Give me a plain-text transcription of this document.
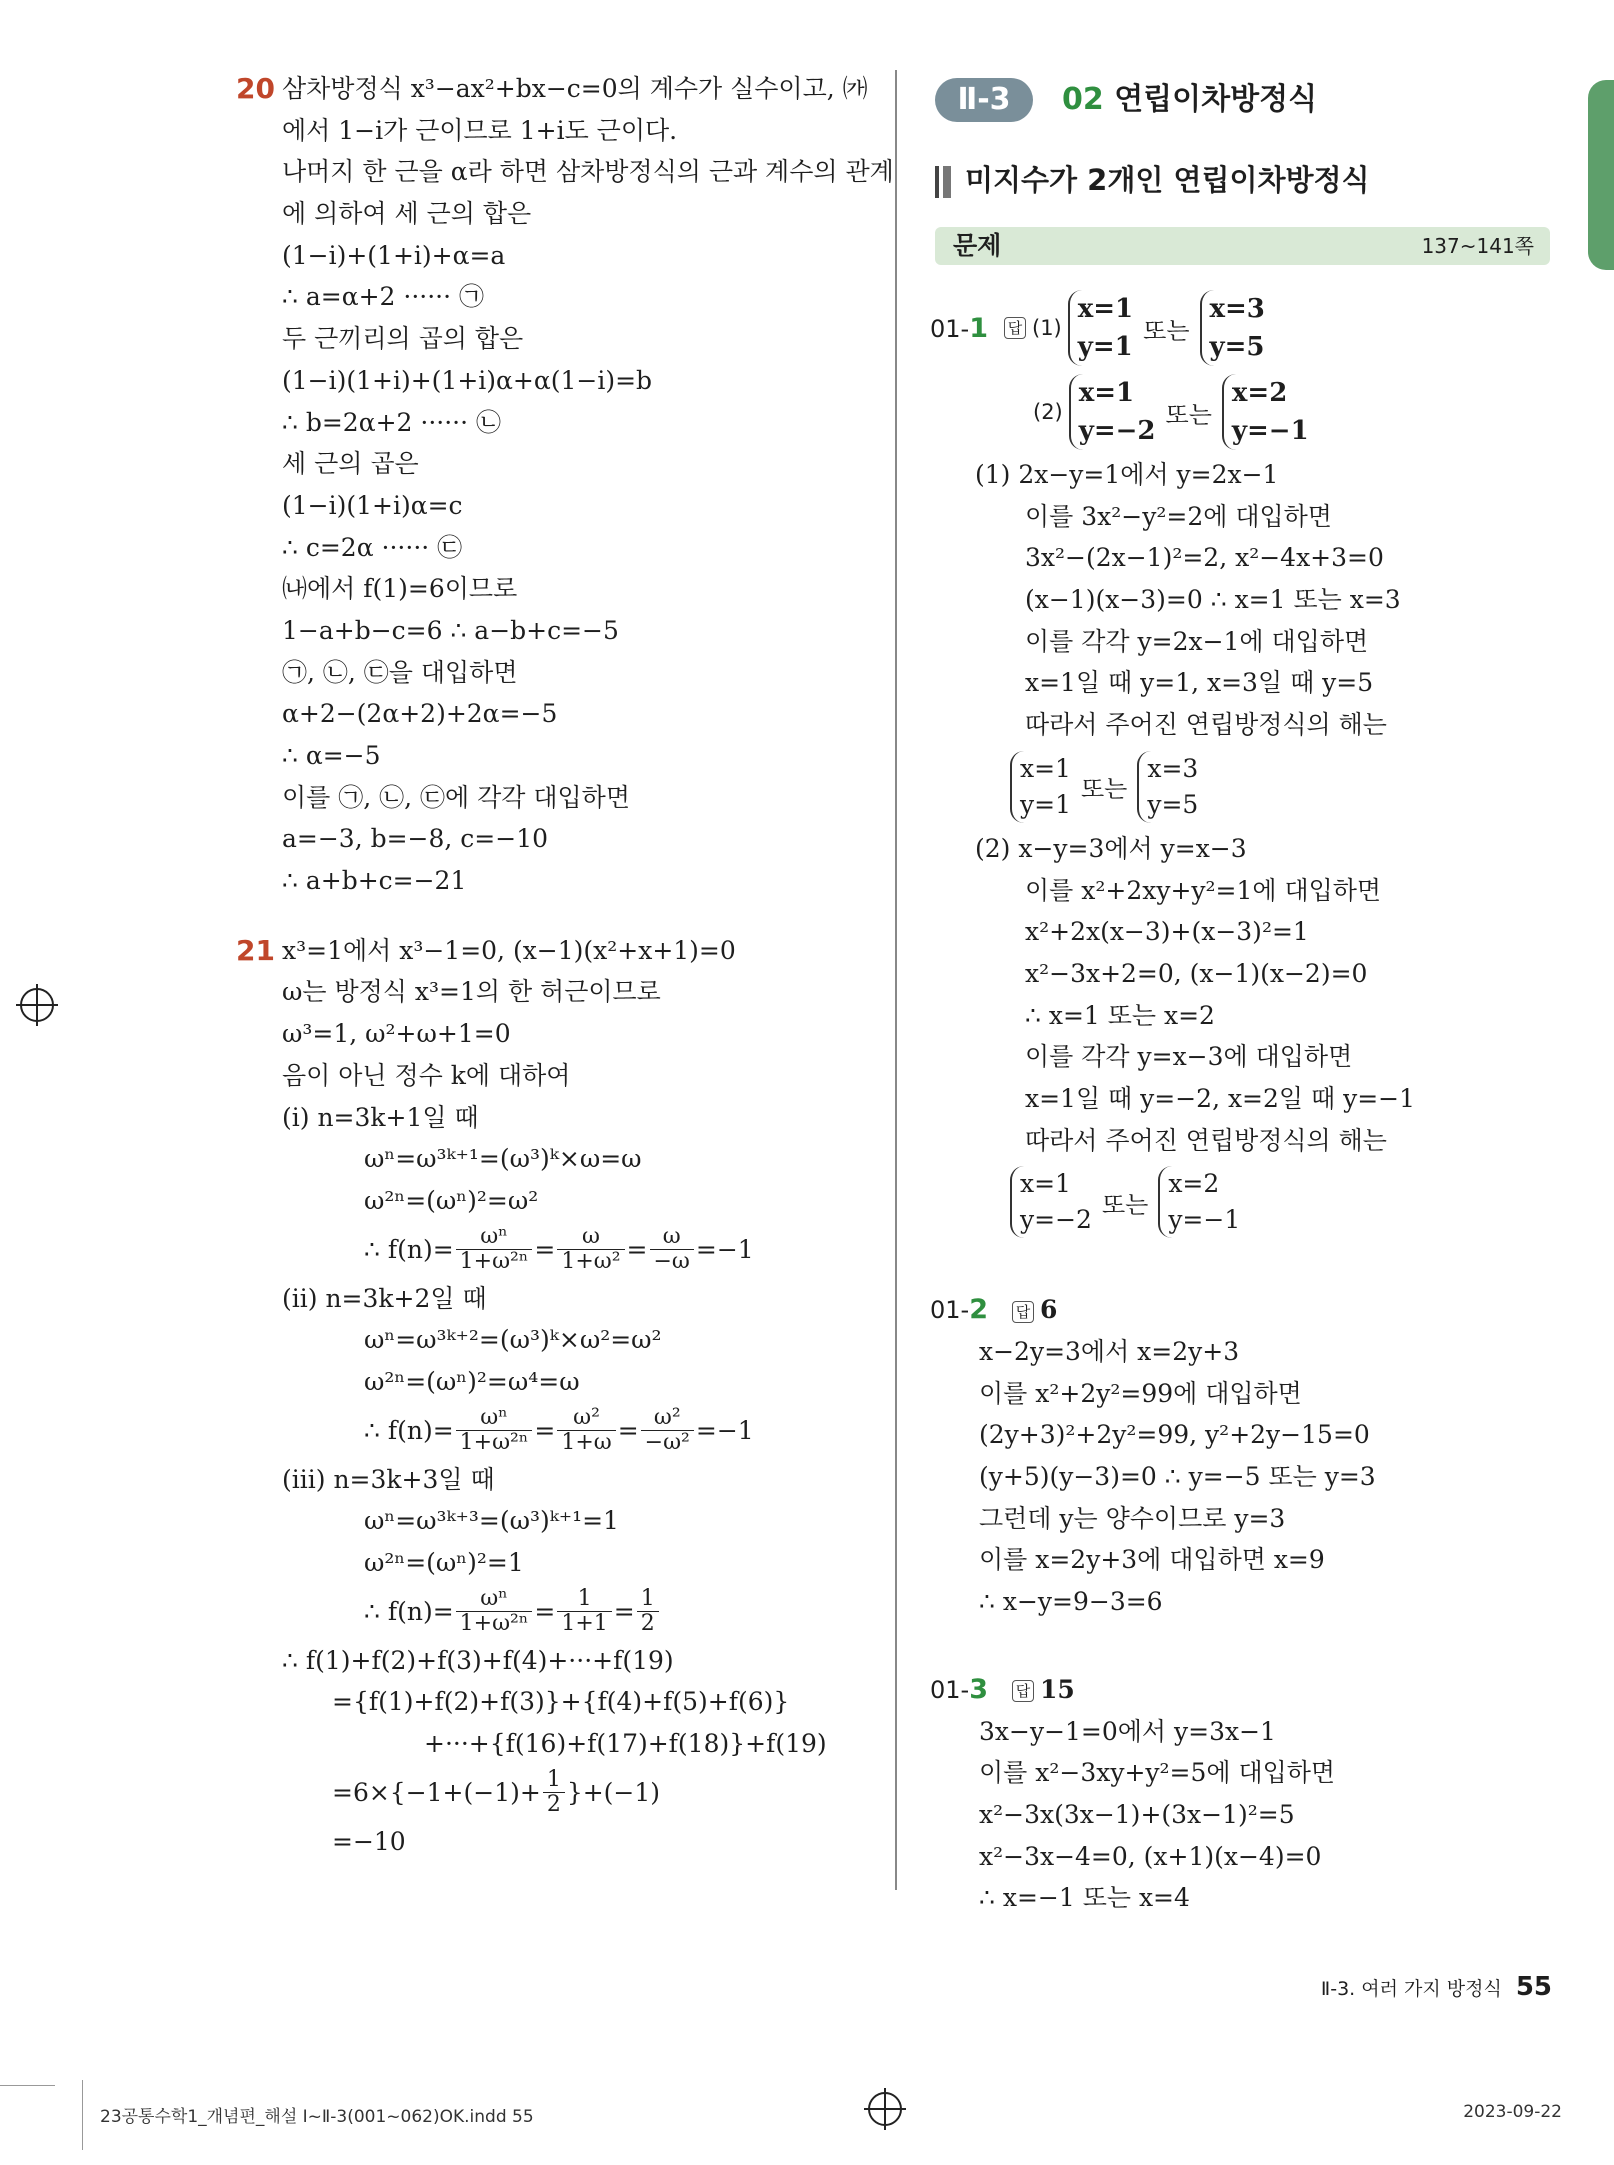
20 삼차방정식 x³−ax²+bx−c=0의 계수가 실수이고, ㈎
에서 1−i가 근이므로 1+i도 근이다.
나머지 한 근을 α라 하면 삼차방정식의 근과 계수의 관계
에 의하여 세 근의 합은
(1−i)+(1+i)+α=a
∴ a=α+2 ······ ㉠
두 근끼리의 곱의 합은
(1−i)(1+i)+(1+i)α+α(1−i)=b
∴ b=2α+2 ······ ㉡
세 근의 곱은
(1−i)(1+i)α=c
∴ c=2α ······ ㉢
㈏에서 f(1)=6이므로
1−a+b−c=6 ∴ a−b+c=−5
㉠, ㉡, ㉢을 대입하면
α+2−(2α+2)+2α=−5
∴ α=−5
이를 ㉠, ㉡, ㉢에 각각 대입하면
a=−3, b=−8, c=−10
∴ a+b+c=−21
x³=1에서 x³−1=0, (x−1)(x²+x+1)=0
ω는 방정식 x³=1의 한 허근이므로
ω³=1, ω²+ω+1=0
음이 아닌 정수 k에 대하여
(ⅰ) n=3k+1일 때
ωⁿ=ω³ᵏ⁺¹=(ω³)ᵏ×ω=ω
ω²ⁿ=(ωⁿ)²=ω²
∴ $f(n)= \frac{\text{ωⁿ}}{\text{1+ω²ⁿ}} = \frac{\omega}{\text{1+ω²}} = \frac{\omega}{-\omega} =-1$
(ⅱ) n=3k+2일 때
ωⁿ=ω³ᵏ⁺²=(ω³)ᵏ×ω²=ω²
ω²ⁿ=(ωⁿ)²=ω⁴=ω
∴ $f(n)= \frac{\text{ωⁿ}}{\text{1+ω²ⁿ}} = \frac{\text{ω²}}{1+\omega} = \frac{\text{ω²}}{\text{−ω²}} =-1$
(ⅲ) n=3k+3일 때
ωⁿ=ω³ᵏ⁺³=(ω³)ᵏ⁺¹=1
ω²ⁿ=(ωⁿ)²=1
∴ $f(n)= \frac{\text{ωⁿ}}{\text{1+ω²ⁿ}} = \frac{1}{1+1} = \frac{1}{2}$
∴ f(1)+f(2)+f(3)+f(4)+···+f(19)
={f(1)+f(2)+f(3)}+{f(4)+f(5)+f(6)}
+···+{f(16)+f(17)+f(18)}+f(19)
$=6\times\{-1+(-1)+ \frac{1}{2} \}+(-1)$
=−10
21
Ⅱ-3	02 연립이차방정식
미지수가 2개인 연립이차방정식
문제	137~141쪽
01-1 답 (1)
x=1
y=1
또는
x=3
y=5
(2)
x=1
y=−2
또는
x=2
y=−1
(1) 2x−y=1에서 y=2x−1
이를 3x²−y²=2에 대입하면
3x²−(2x−1)²=2, x²−4x+3=0
(x−1)(x−3)=0 ∴ x=1 또는 x=3
이를 각각 y=2x−1에 대입하면
x=1일 때 y=1, x=3일 때 y=5
따라서 주어진 연립방정식의 해는
x=1
y=1
또는
x=3
y=5
(2) x−y=3에서 y=x−3
이를 x²+2xy+y²=1에 대입하면
x²+2x(x−3)+(x−3)²=1
x²−3x+2=0, (x−1)(x−2)=0
∴ x=1 또는 x=2
이를 각각 y=x−3에 대입하면
x=1일 때 y=−2, x=2일 때 y=−1
따라서 주어진 연립방정식의 해는
x=1
y=−2
또는
x=2
y=−1
01-2 답 6
x−2y=3에서 x=2y+3
이를 x²+2y²=99에 대입하면
(2y+3)²+2y²=99, y²+2y−15=0
(y+5)(y−3)=0 ∴ y=−5 또는 y=3
그런데 y는 양수이므로 y=3
이를 x=2y+3에 대입하면 x=9
∴ x−y=9−3=6
01-3 답 15
3x−y−1=0에서 y=3x−1
이를 x²−3xy+y²=5에 대입하면
x²−3x(3x−1)+(3x−1)²=5
x²−3x−4=0, (x+1)(x−4)=0
∴ x=−1 또는 x=4
Ⅱ-3. 여러 가지 방정식 55
23공통수학1_개념편_해설 Ⅰ~Ⅱ-3(001~062)OK.indd 55	2023-09-22
